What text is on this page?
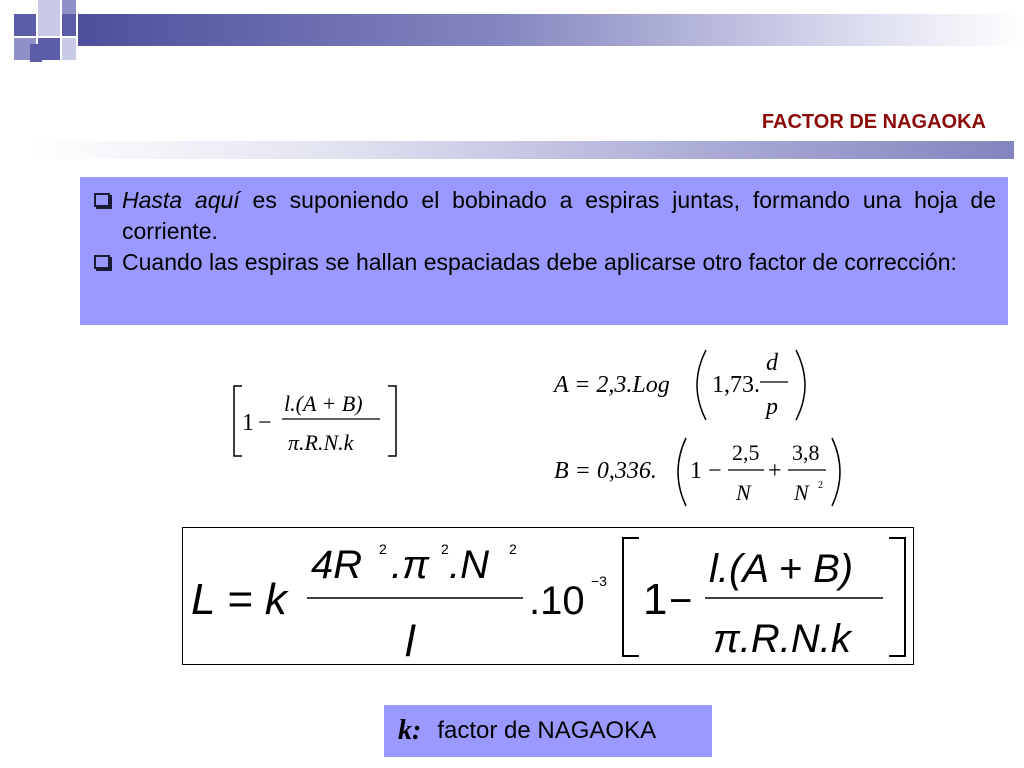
FACTOR DE NAGAOKA
Hasta aquí es suponiendo el bobinado a espiras juntas, formando una hoja de corriente.
Cuando las espiras se hallan espaciadas debe aplicarse otro factor de corrección:
1 −
l.(A + B)
π.R.N.k
A = 2,3.Log 1,73.
d
p
B = 0,336. 1 −
2,5
N
+
3,8
N 2
L = k
4R 2 .π 2 .N 2
l
.10 −3 1 −
l.(A + B)
π.R.N.k
k: factor de NAGAOKA
